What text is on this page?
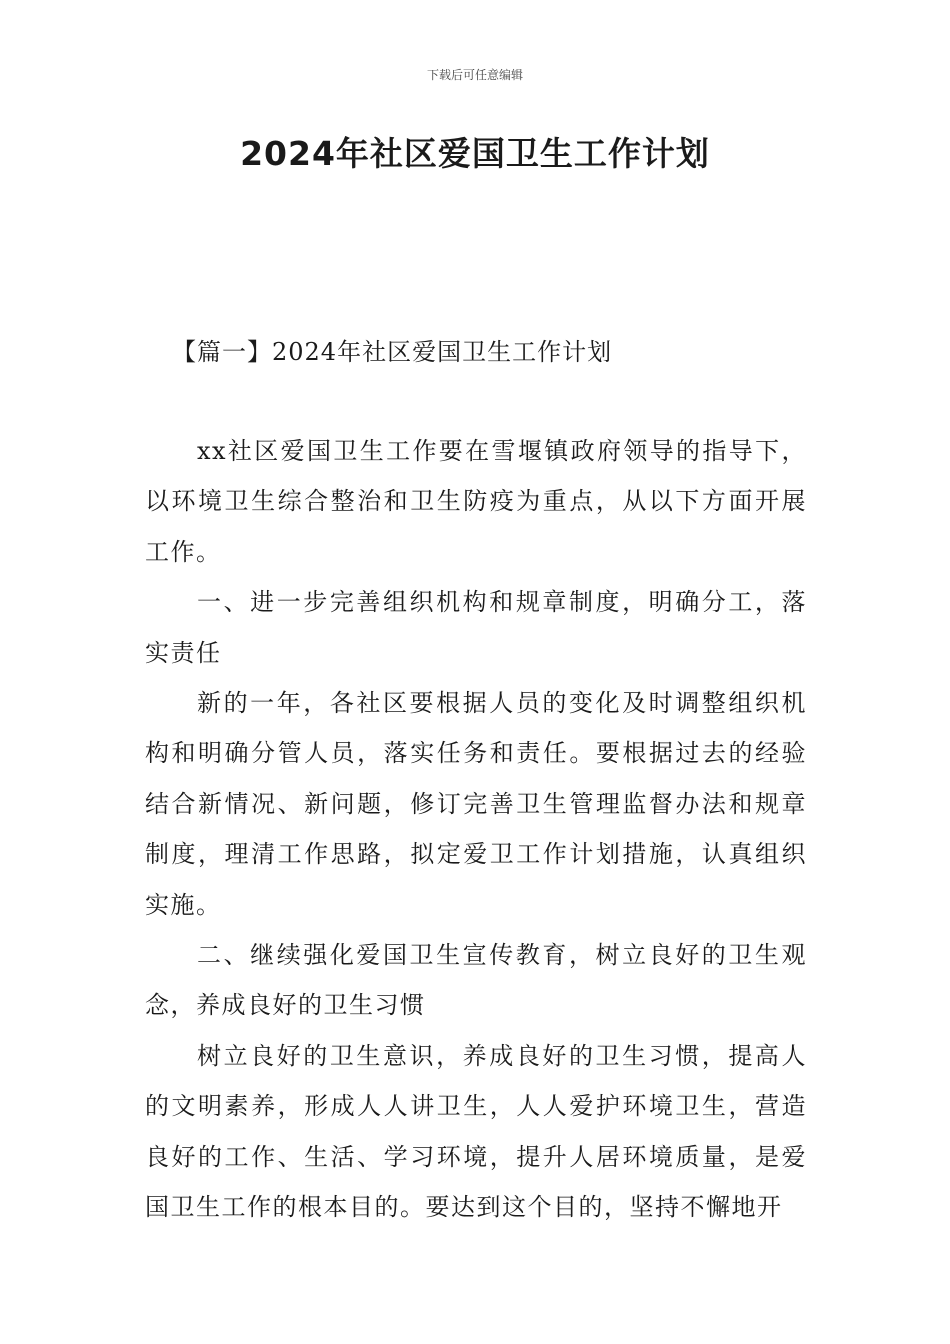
下载后可任意编辑
2024年社区爱国卫生工作计划
【篇一】2024年社区爱国卫生工作计划

xx社区爱国卫生工作要在雪堰镇政府领导的指导下，以环境卫生综合整治和卫生防疫为重点，从以下方面开展工作。

一、进一步完善组织机构和规章制度，明确分工，落实责任

新的一年，各社区要根据人员的变化及时调整组织机构和明确分管人员，落实任务和责任。要根据过去的经验结合新情况、新问题，修订完善卫生管理监督办法和规章制度，理清工作思路，拟定爱卫工作计划措施，认真组织实施。

二、继续强化爱国卫生宣传教育，树立良好的卫生观念，养成良好的卫生习惯

树立良好的卫生意识，养成良好的卫生习惯，提高人的文明素养，形成人人讲卫生，人人爱护环境卫生，营造良好的工作、生活、学习环境，提升人居环境质量，是爱国卫生工作的根本目的。要达到这个目的，坚持不懈地开
